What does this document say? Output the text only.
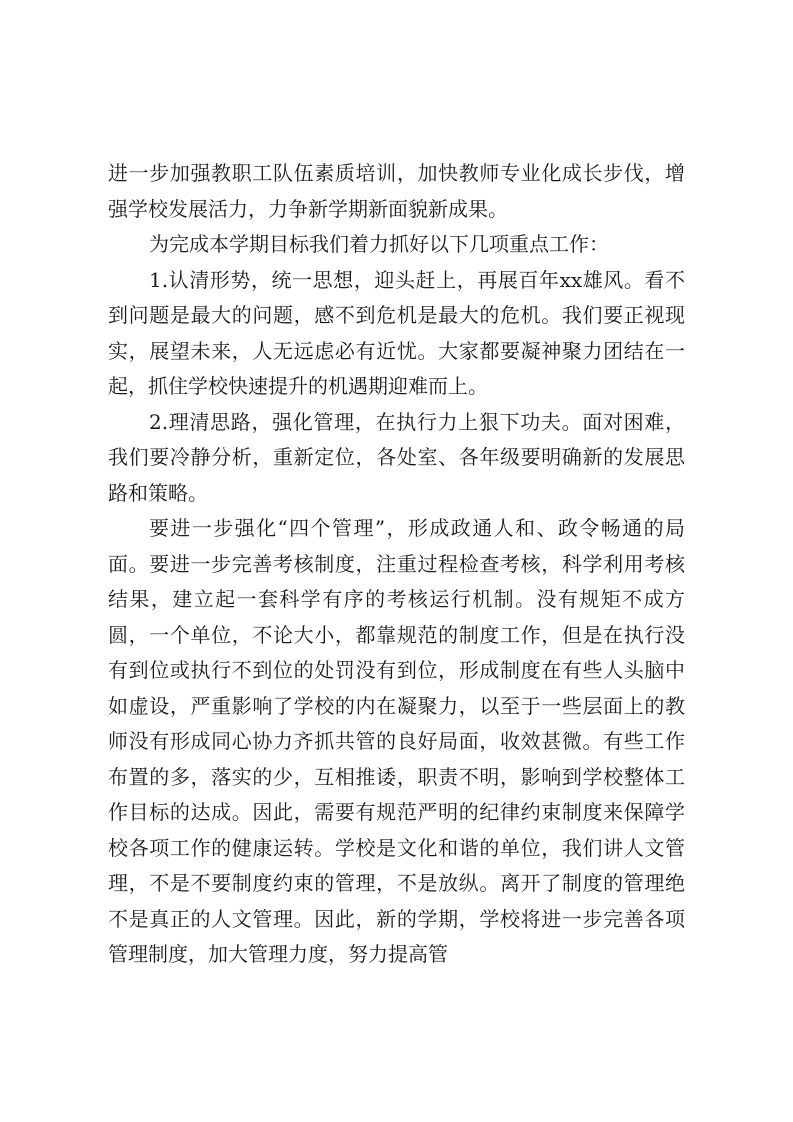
进一步加强教职工队伍素质培训，加快教师专业化成长步伐，增强学校发展活力，力争新学期新面貌新成果。

为完成本学期目标我们着力抓好以下几项重点工作：

1.认清形势，统一思想，迎头赶上，再展百年xx雄风。看不到问题是最大的问题，感不到危机是最大的危机。我们要正视现实，展望未来，人无远虑必有近忧。大家都要凝神聚力团结在一起，抓住学校快速提升的机遇期迎难而上。

2.理清思路，强化管理，在执行力上狠下功夫。面对困难，我们要冷静分析，重新定位，各处室、各年级要明确新的发展思路和策略。

要进一步强化“四个管理”，形成政通人和、政令畅通的局面。要进一步完善考核制度，注重过程检查考核，科学利用考核结果，建立起一套科学有序的考核运行机制。没有规矩不成方圆，一个单位，不论大小，都靠规范的制度工作，但是在执行没有到位或执行不到位的处罚没有到位，形成制度在有些人头脑中如虚设，严重影响了学校的内在凝聚力，以至于一些层面上的教师没有形成同心协力齐抓共管的良好局面，收效甚微。有些工作布置的多，落实的少，互相推诿，职责不明，影响到学校整体工作目标的达成。因此，需要有规范严明的纪律约束制度来保障学校各项工作的健康运转。学校是文化和谐的单位，我们讲人文管理，不是不要制度约束的管理，不是放纵。离开了制度的管理绝不是真正的人文管理。因此，新的学期，学校将进一步完善各项管理制度，加大管理力度，努力提高管
